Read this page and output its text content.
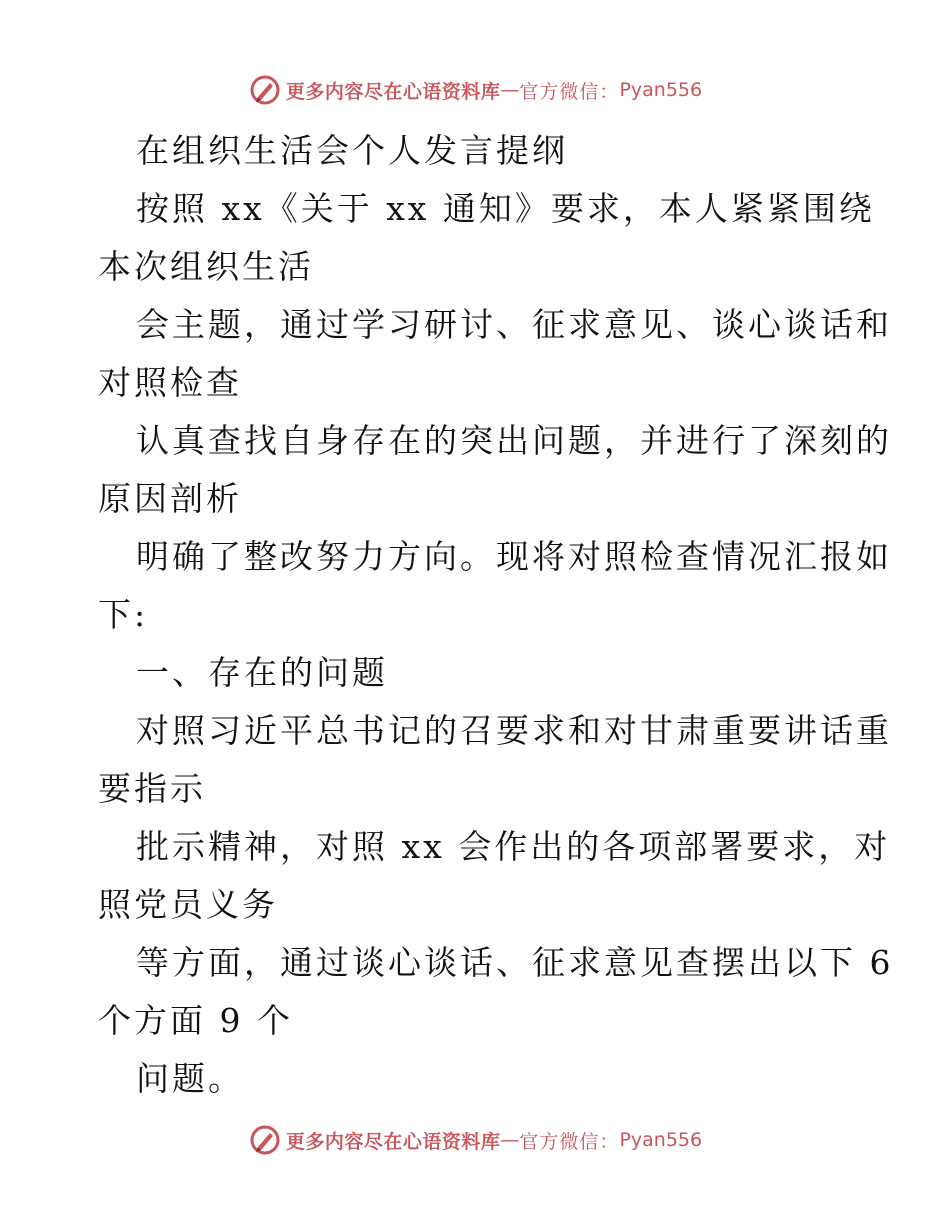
更多内容尽在心语资料库 — 官方微信： Pyan556
在组织生活会个人发言提纲
按照 xx《关于 xx 通知》要求，本人紧紧围绕
本次组织生活
会主题，通过学习研讨、征求意见、谈心谈话和
对照检查
认真查找自身存在的突出问题，并进行了深刻的
原因剖析
明确了整改努力方向。现将对照检查情况汇报如
下:
一、存在的问题
对照习近平总书记的召要求和对甘肃重要讲话重
要指示
批示精神，对照 xx 会作出的各项部署要求，对
照党员义务
等方面，通过谈心谈话、征求意见查摆出以下 6
个方面 9 个
问题。
更多内容尽在心语资料库 — 官方微信： Pyan556
